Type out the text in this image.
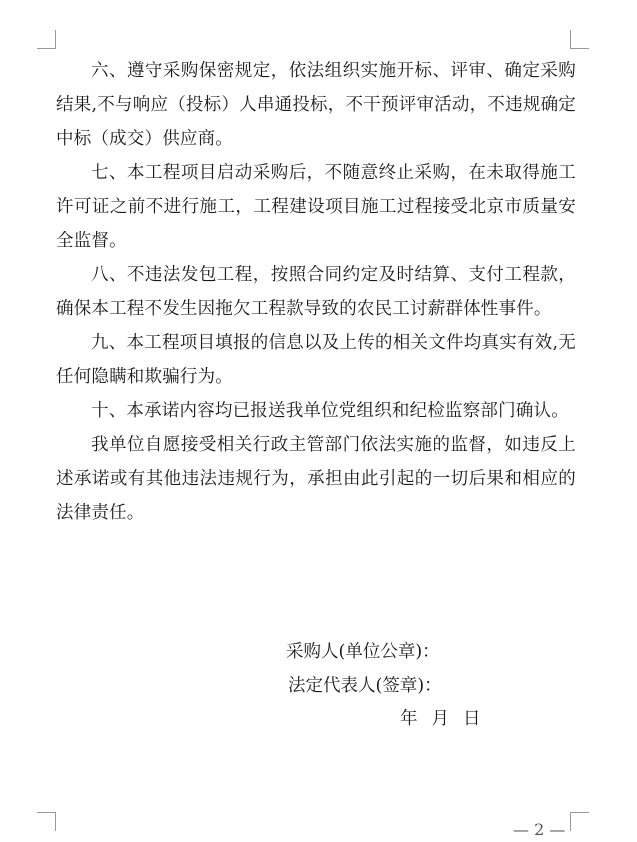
六、遵守采购保密规定，依法组织实施开标、评审、确定采购结果,不与响应（投标）人串通投标，不干预评审活动，不违规确定中标（成交）供应商。

七、本工程项目启动采购后，不随意终止采购，在未取得施工许可证之前不进行施工，工程建设项目施工过程接受北京市质量安全监督。

八、不违法发包工程，按照合同约定及时结算、支付工程款，确保本工程不发生因拖欠工程款导致的农民工讨薪群体性事件。

九、本工程项目填报的信息以及上传的相关文件均真实有效,无任何隐瞒和欺骗行为。

十、本承诺内容均已报送我单位党组织和纪检监察部门确认。

我单位自愿接受相关行政主管部门依法实施的监督，如违反上述承诺或有其他违法违规行为，承担由此引起的一切后果和相应的法律责任。

采购人(单位公章)：
法定代表人(签章)：
年月日
— 2 —
